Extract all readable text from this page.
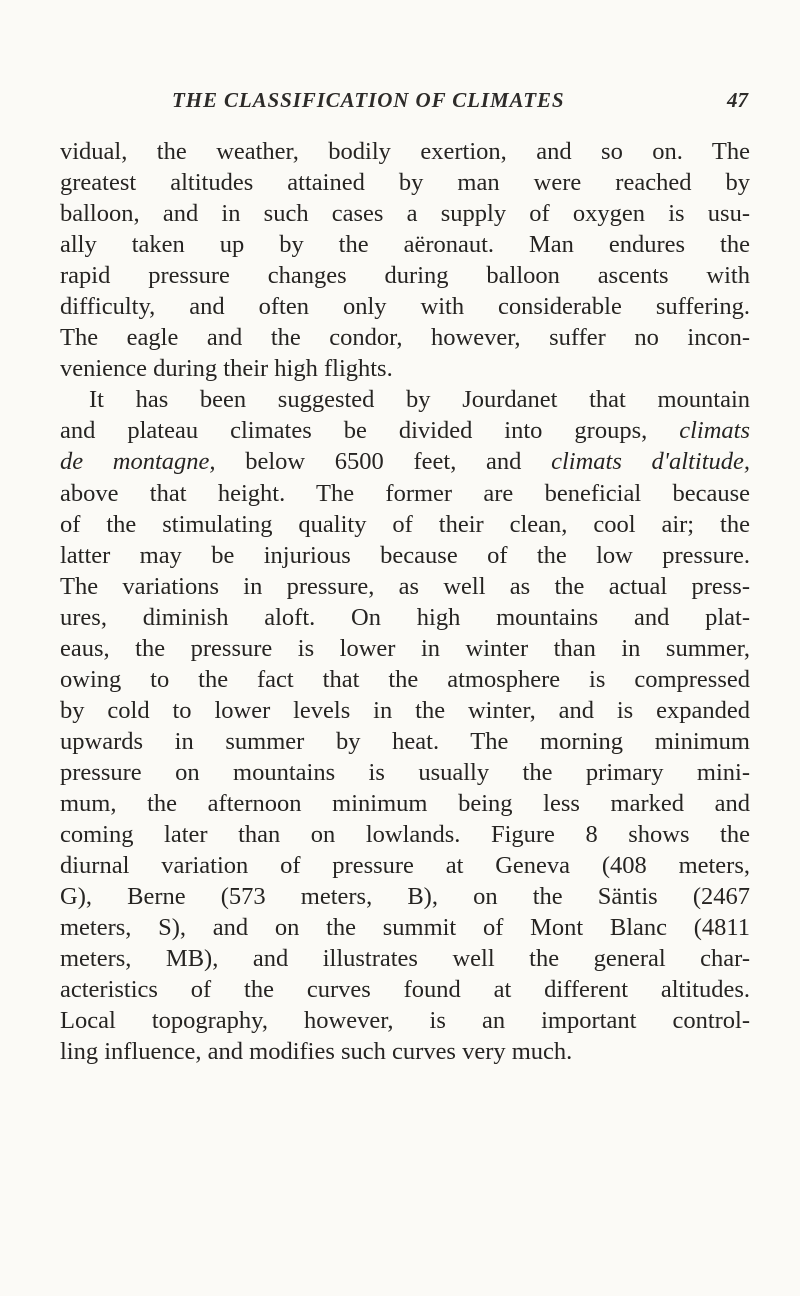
THE CLASSIFICATION OF CLIMATES	47
vidual, the weather, bodily exertion, and so on. The
greatest altitudes attained by man were reached by
balloon, and in such cases a supply of oxygen is usu-
ally taken up by the aëronaut. Man endures the
rapid pressure changes during balloon ascents with
difficulty, and often only with considerable suffering.
The eagle and the condor, however, suffer no incon-
venience during their high flights.
It has been suggested by Jourdanet that mountain
and plateau climates be divided into groups, climats
de montagne, below 6500 feet, and climats d'altitude,
above that height. The former are beneficial because
of the stimulating quality of their clean, cool air; the
latter may be injurious because of the low pressure.
The variations in pressure, as well as the actual press-
ures, diminish aloft. On high mountains and plat-
eaus, the pressure is lower in winter than in summer,
owing to the fact that the atmosphere is compressed
by cold to lower levels in the winter, and is expanded
upwards in summer by heat. The morning minimum
pressure on mountains is usually the primary mini-
mum, the afternoon minimum being less marked and
coming later than on lowlands. Figure 8 shows the
diurnal variation of pressure at Geneva (408 meters,
G), Berne (573 meters, B), on the Säntis (2467
meters, S), and on the summit of Mont Blanc (4811
meters, MB), and illustrates well the general char-
acteristics of the curves found at different altitudes.
Local topography, however, is an important control-
ling influence, and modifies such curves very much.
